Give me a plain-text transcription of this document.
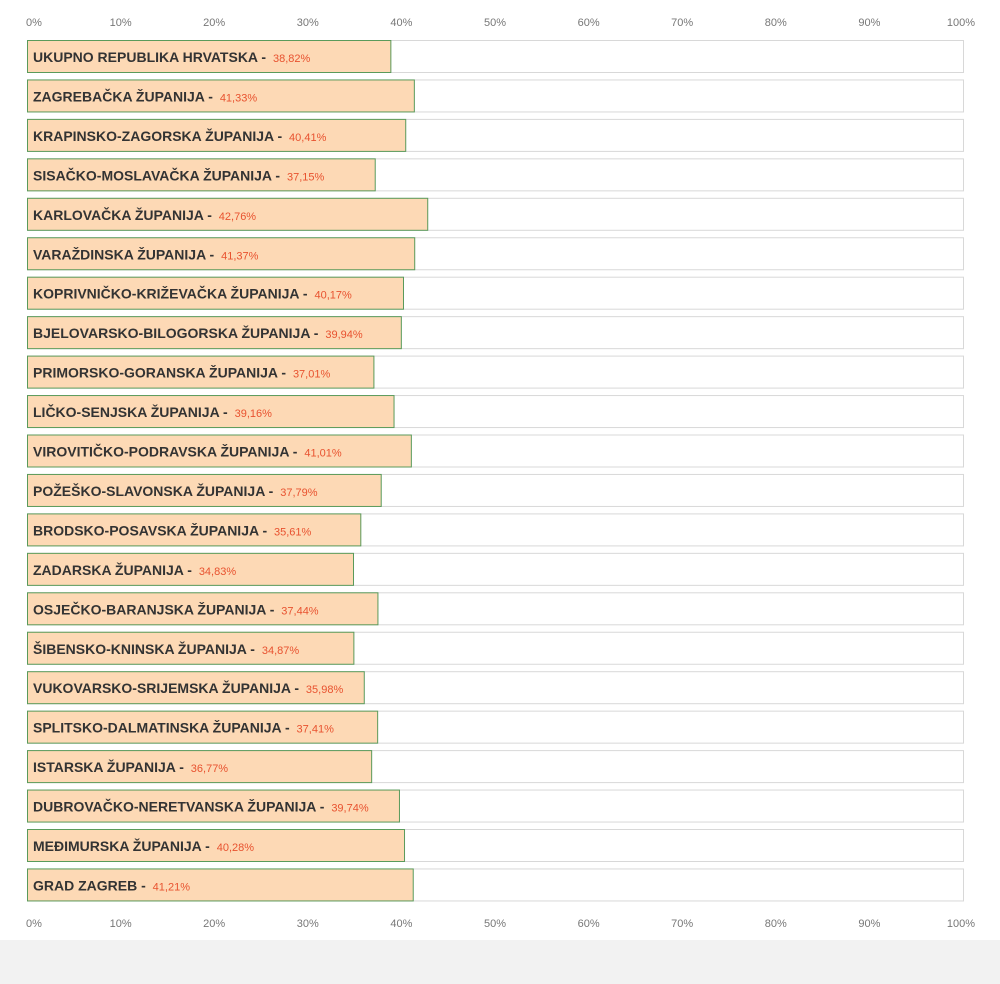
0%	10%	20%	30%	40%	50%	60%	70%	80%	90%	100%
0%	10%	20%	30%	40%	50%	60%	70%	80%	90%	100%
UKUPNO REPUBLIKA HRVATSKA - 38,82%
ZAGREBAČKA ŽUPANIJA - 41,33%
KRAPINSKO-ZAGORSKA ŽUPANIJA - 40,41%
SISAČKO-MOSLAVAČKA ŽUPANIJA - 37,15%
KARLOVAČKA ŽUPANIJA - 42,76%
VARAŽDINSKA ŽUPANIJA - 41,37%
KOPRIVNIČKO-KRIŽEVAČKA ŽUPANIJA - 40,17%
BJELOVARSKO-BILOGORSKA ŽUPANIJA - 39,94%
PRIMORSKO-GORANSKA ŽUPANIJA - 37,01%
LIČKO-SENJSKA ŽUPANIJA - 39,16%
VIROVITIČKO-PODRAVSKA ŽUPANIJA - 41,01%
POŽEŠKO-SLAVONSKA ŽUPANIJA - 37,79%
BRODSKO-POSAVSKA ŽUPANIJA - 35,61%
ZADARSKA ŽUPANIJA - 34,83%
OSJEČKO-BARANJSKA ŽUPANIJA - 37,44%
ŠIBENSKO-KNINSKA ŽUPANIJA - 34,87%
VUKOVARSKO-SRIJEMSKA ŽUPANIJA - 35,98%
SPLITSKO-DALMATINSKA ŽUPANIJA - 37,41%
ISTARSKA ŽUPANIJA - 36,77%
DUBROVAČKO-NERETVANSKA ŽUPANIJA - 39,74%
MEĐIMURSKA ŽUPANIJA - 40,28%
GRAD ZAGREB - 41,21%
